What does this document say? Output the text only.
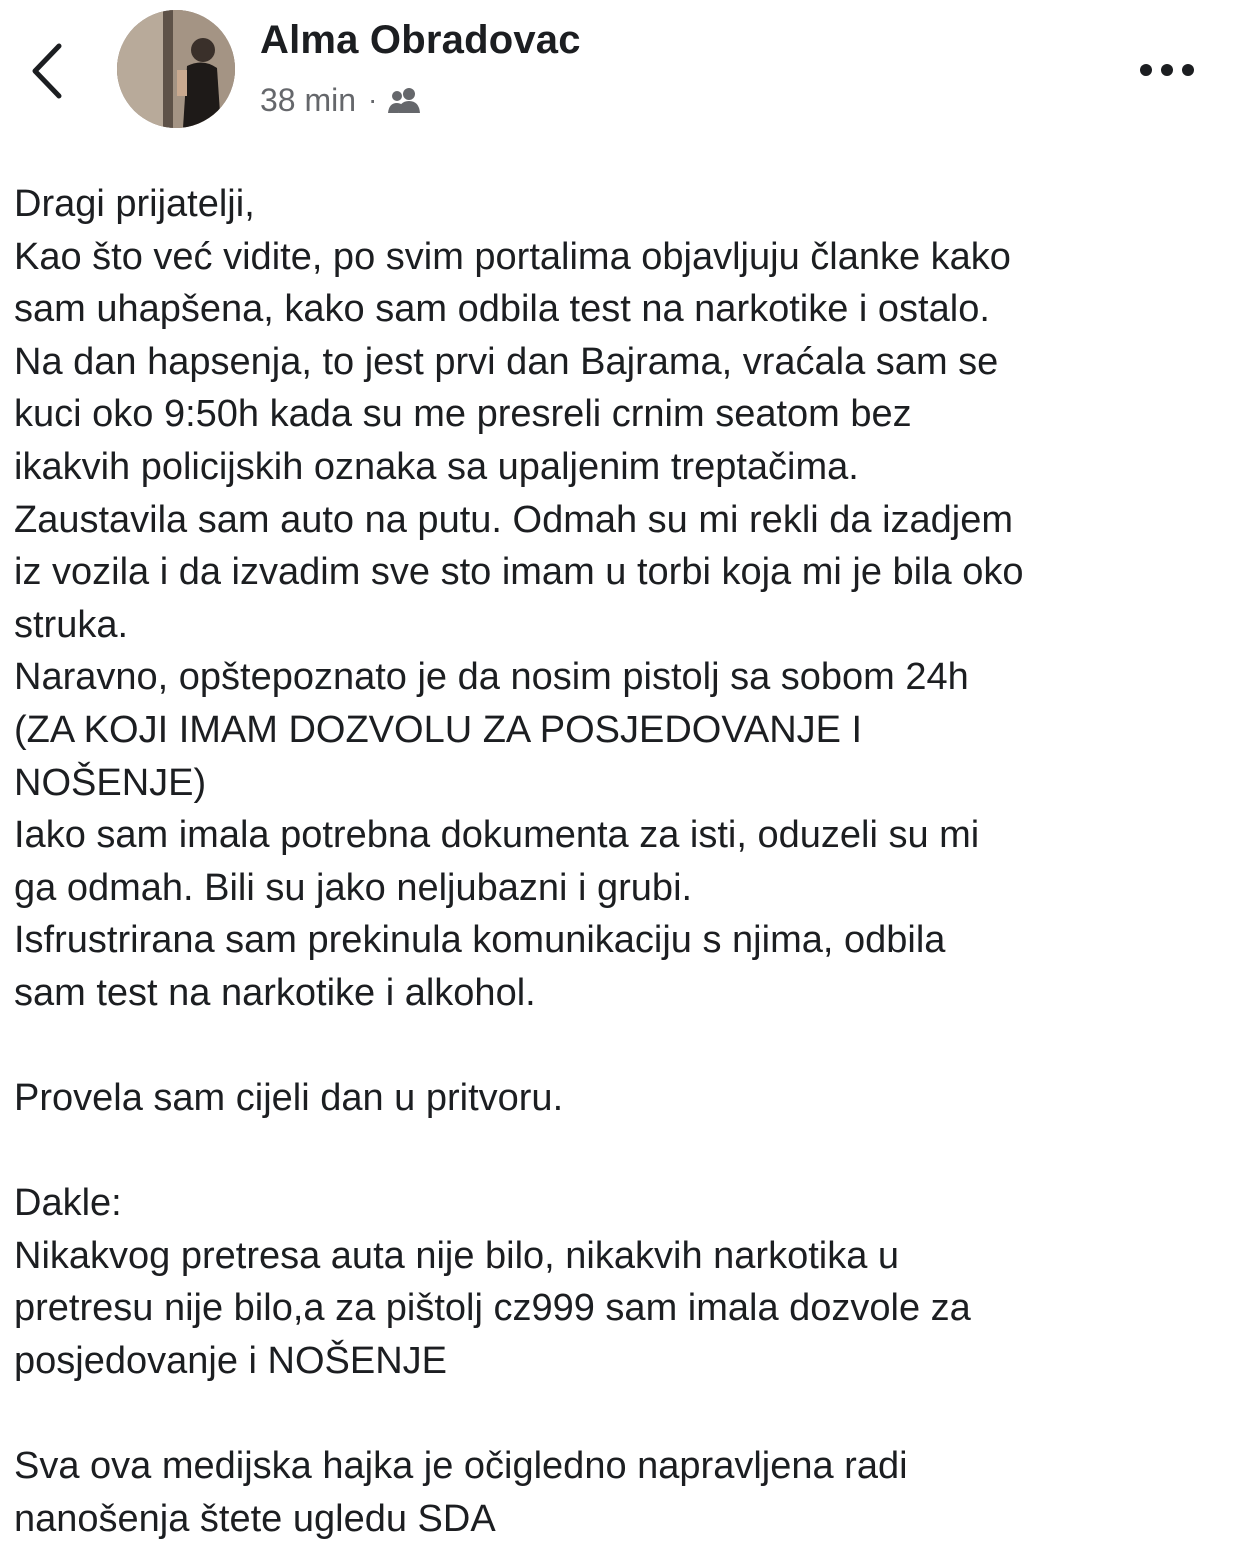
Alma Obradovac
38 min ·
Dragi prijatelji,
Kao što već vidite, po svim portalima objavljuju članke kako
sam uhapšena, kako sam odbila test na narkotike i ostalo.
Na dan hapsenja, to jest prvi dan Bajrama, vraćala sam se
kuci oko 9:50h kada su me presreli crnim seatom bez
ikakvih policijskih oznaka sa upaljenim treptačima.
Zaustavila sam auto na putu. Odmah su mi rekli da izadjem
iz vozila i da izvadim sve sto imam u torbi koja mi je bila oko
struka.
Naravno, opštepoznato je da nosim pistolj sa sobom 24h
(ZA KOJI IMAM DOZVOLU ZA POSJEDOVANJE I
NOŠENJE)
Iako sam imala potrebna dokumenta za isti, oduzeli su mi
ga odmah. Bili su jako neljubazni i grubi.
Isfrustrirana sam prekinula komunikaciju s njima, odbila
sam test na narkotike i alkohol.
Provela sam cijeli dan u pritvoru.
Dakle:
Nikakvog pretresa auta nije bilo, nikakvih narkotika u
pretresu nije bilo,a za pištolj cz999 sam imala dozvole za
posjedovanje i NOŠENJE
Sva ova medijska hajka je očigledno napravljena radi
nanošenja štete ugledu SDA
